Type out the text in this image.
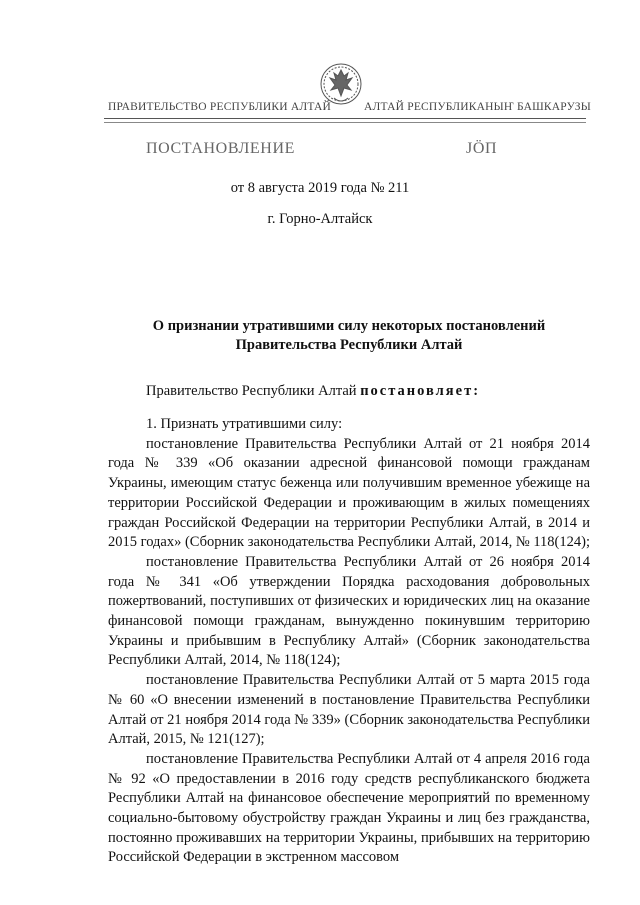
ПРАВИТЕЛЬСТВО РЕСПУБЛИКИ АЛТАЙ	АЛТАЙ РЕСПУБЛИКАНЫҤ БАШКАРУЗЫ
ПОСТАНОВЛЕНИЕ	ЈӦП
от 8 августа 2019 года № 211
г. Горно-Алтайск
О признании утратившими силу некоторых постановлений
Правительства Республики Алтай
Правительство Республики Алтай постановляет:

1. Признать утратившими силу:

постановление Правительства Республики Алтай от 21 ноября 2014 года № 339 «Об оказании адресной финансовой помощи гражданам Украины, имеющим статус беженца или получившим временное убежище на территории Российской Федерации и проживающим в жилых помещениях граждан Российской Федерации на территории Республики Алтай, в 2014 и 2015 годах» (Сборник законодательства Республики Алтай, 2014, № 118(124);

постановление Правительства Республики Алтай от 26 ноября 2014 года № 341 «Об утверждении Порядка расходования добровольных пожертвований, поступивших от физических и юридических лиц на оказание финансовой помощи гражданам, вынужденно покинувшим территорию Украины и прибывшим в Республику Алтай» (Сборник законодательства Республики Алтай, 2014, № 118(124);

постановление Правительства Республики Алтай от 5 марта 2015 года № 60 «О внесении изменений в постановление Правительства Республики Алтай от 21 ноября 2014 года № 339» (Сборник законодательства Республики Алтай, 2015, № 121(127);

постановление Правительства Республики Алтай от 4 апреля 2016 года № 92 «О предоставлении в 2016 году средств республиканского бюджета Республики Алтай на финансовое обеспечение мероприятий по временному социально-бытовому обустройству граждан Украины и лиц без гражданства, постоянно проживавших на территории Украины, прибывших на территорию Российской Федерации в экстренном массовом
